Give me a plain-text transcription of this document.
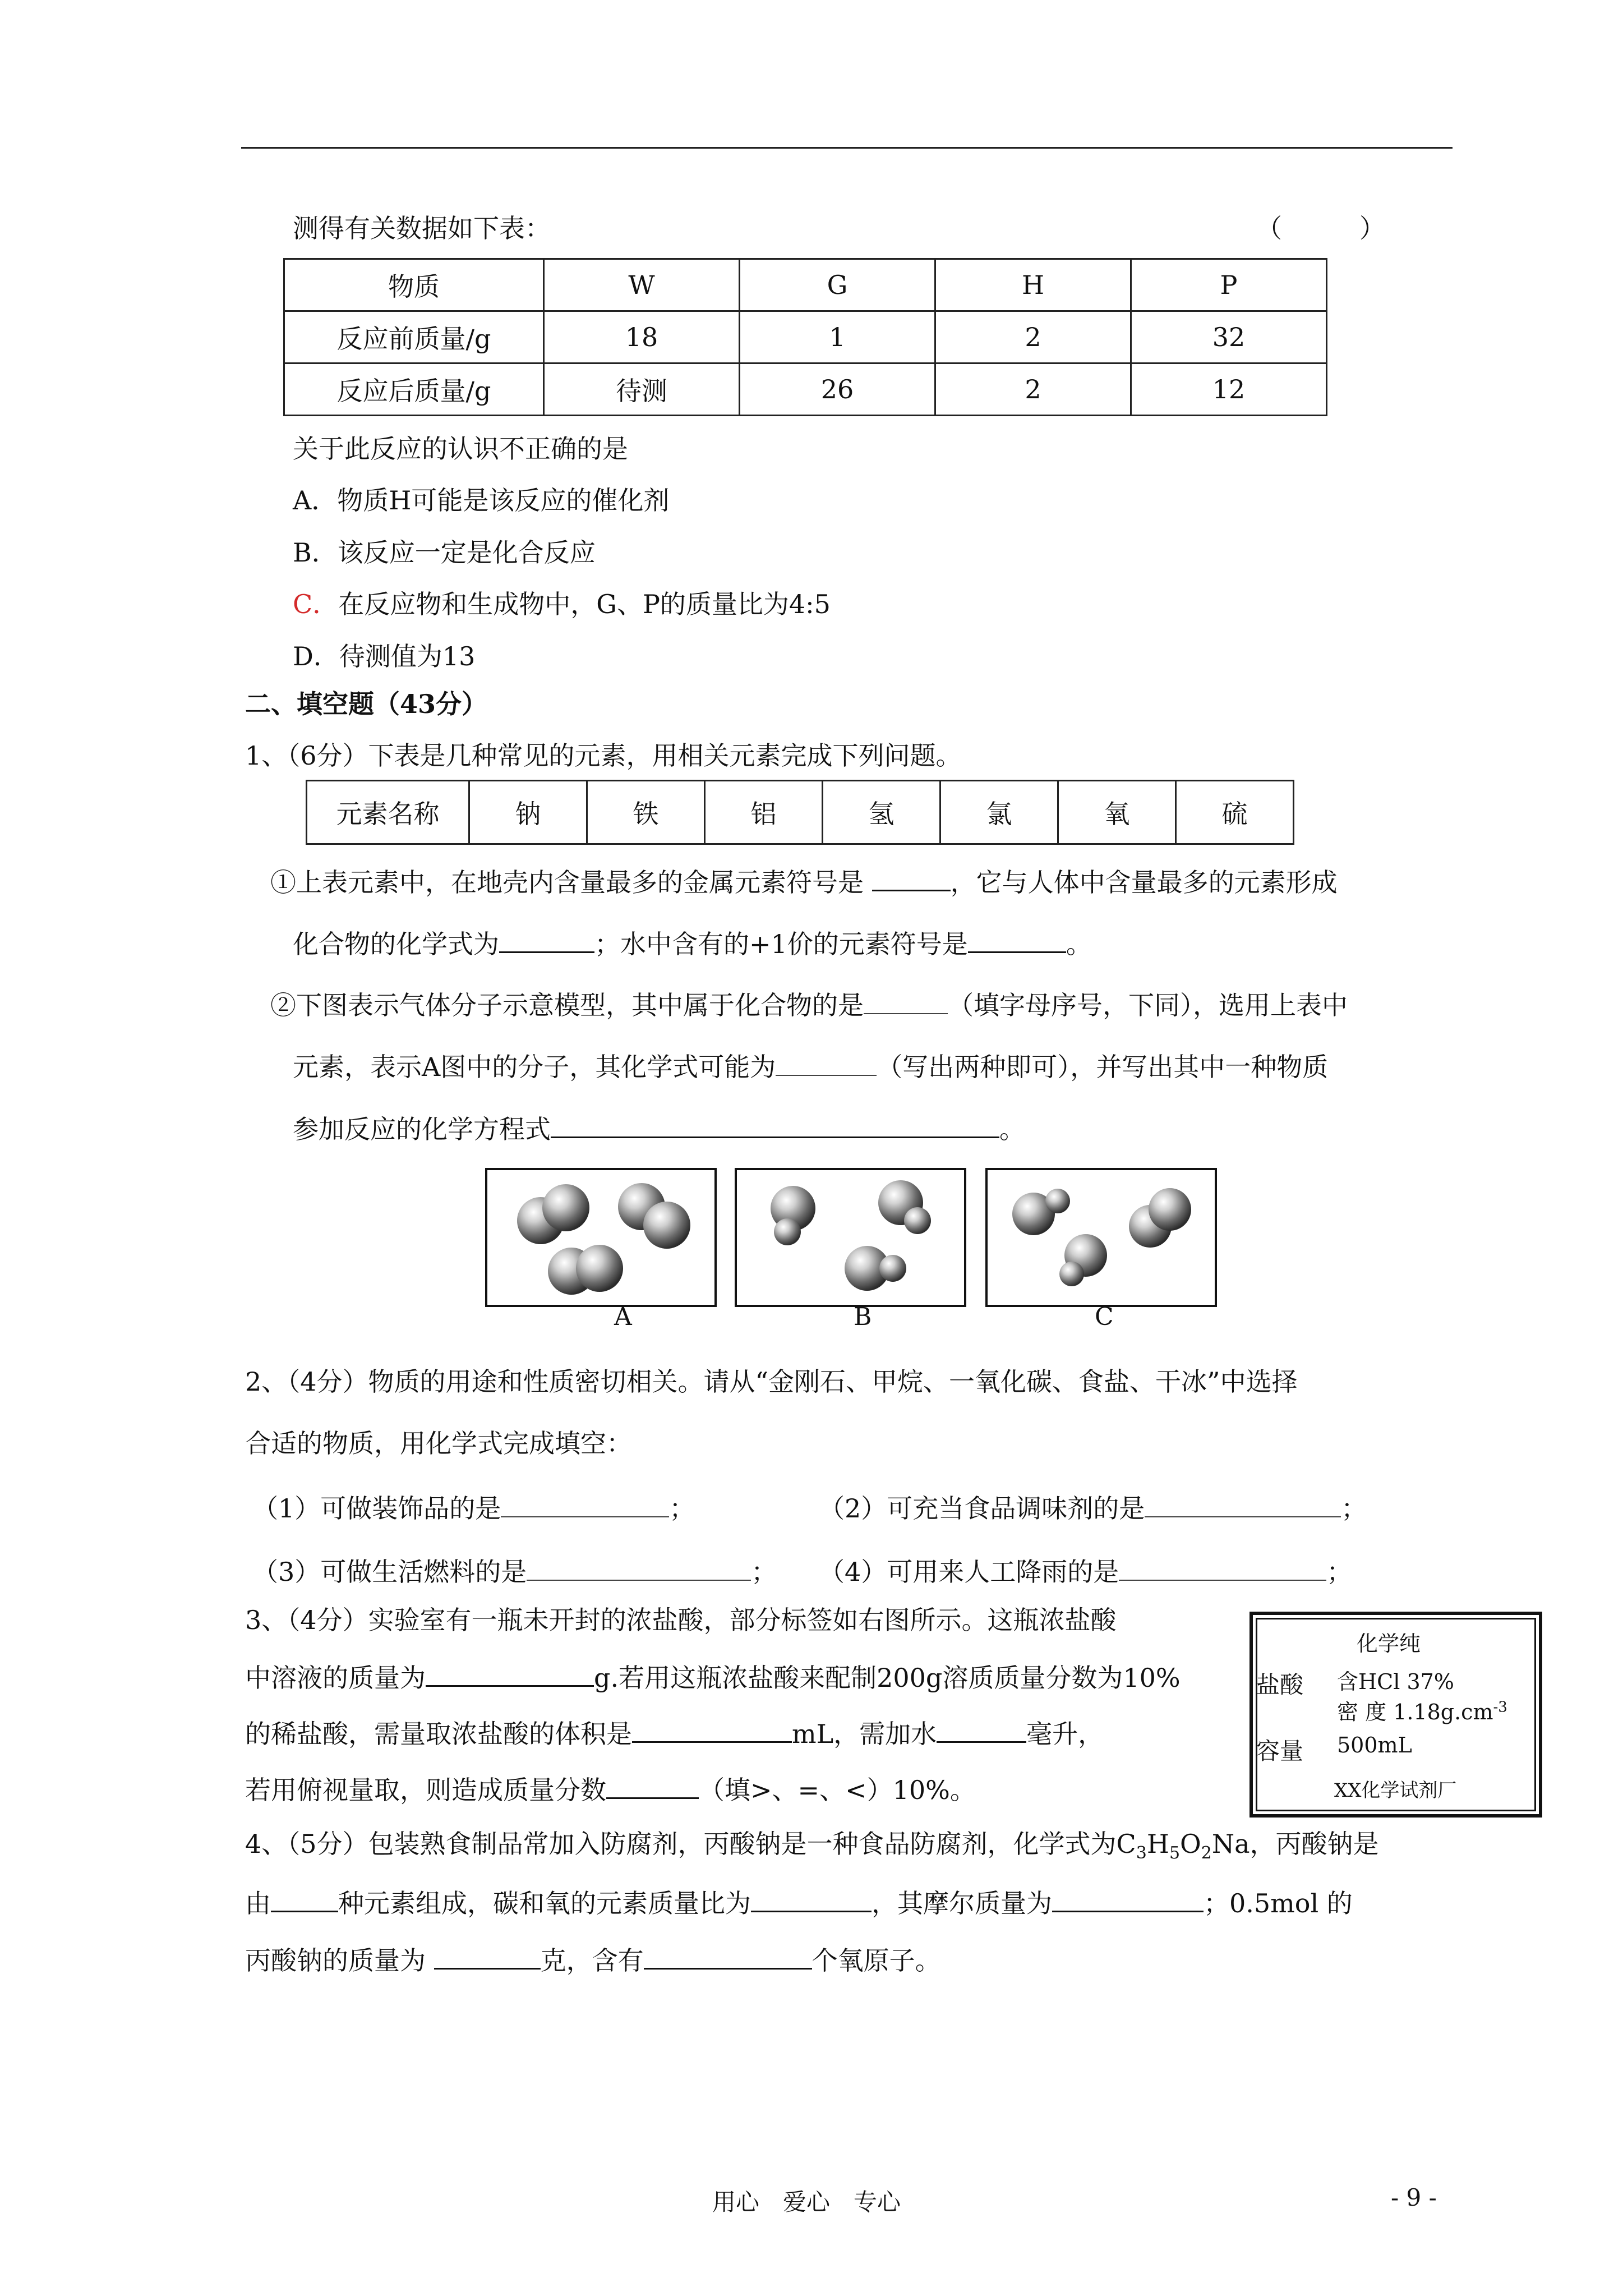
测得有关数据如下表：	（　　　）
物质	W	G	H	P
反应前质量/g	18	1	2	32
反应后质量/g	待测	26	2	12
关于此反应的认识不正确的是
A．物质H可能是该反应的催化剂
B．该反应一定是化合反应
C．在反应物和生成物中，G、P的质量比为4:5
D．待测值为13
二、填空题（43分）
1、（6分）下表是几种常见的元素，用相关元素完成下列问题。
元素名称	钠	铁	铝	氢	氯	氧	硫
①上表元素中，在地壳内含量最多的金属元素符号是	，它与人体中含量最多的元素形成
化合物的化学式为	；水中含有的+1价的元素符号是	。
②下图表示气体分子示意模型，其中属于化合物的是	（填字母序号，下同），选用上表中
元素，表示A图中的分子，其化学式可能为	（写出两种即可），并写出其中一种物质
参加反应的化学方程式	。
A	B	C
2、（4分）物质的用途和性质密切相关。请从“金刚石、甲烷、一氧化碳、食盐、干冰”中选择
合适的物质，用化学式完成填空：
（1）可做装饰品的是	；	（2）可充当食品调味剂的是	；
（3）可做生活燃料的是	； （4）可用来人工降雨的是	；
3、（4分）实验室有一瓶未开封的浓盐酸，部分标签如右图所示。这瓶浓盐酸
中溶液的质量为	g.若用这瓶浓盐酸来配制200g溶质质量分数为10%
的稀盐酸，需量取浓盐酸的体积是	mL，需加水	毫升，
若用俯视量取，则造成质量分数	（填>、=、<）10%。
化学纯
盐酸 含HCl 37%
密 度 $1.18g.cm^{-3}$
容量 500mL
XX化学试剂厂
4、（5分）包装熟食制品常加入防腐剂，丙酸钠是一种食品防腐剂，化学式为$C_3H_5O_2Na$，丙酸钠是
由	种元素组成，碳和氧的元素质量比为	，其摩尔质量为	；0.5mol 的
丙酸钠的质量为	克，含有	个氧原子。
用心　爱心　专心	- 9 -
